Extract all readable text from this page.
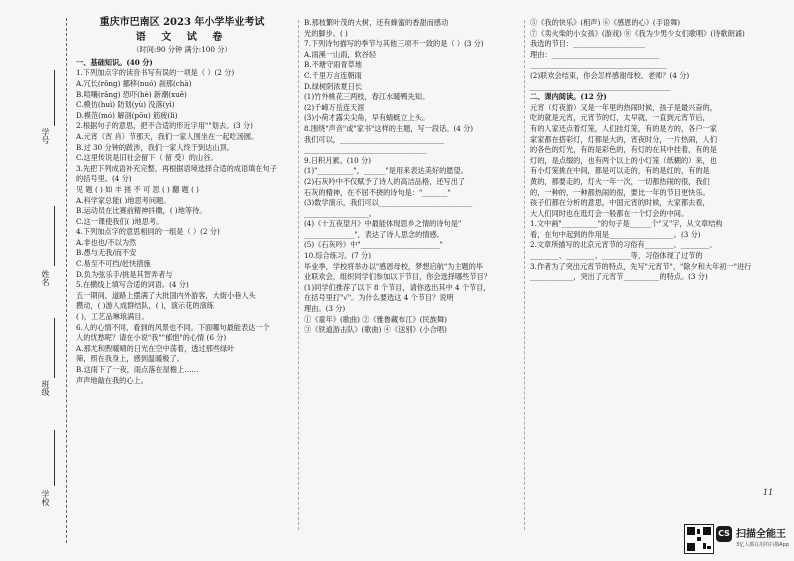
学号
姓名
班级
学校

重庆市巴南区 2023 年小学毕业考试

语 文 试 卷

（时间:90 分钟 满分:100 分）

一、基础知识。(40 分)

1.下列加点字的读音书写有误的一项是（ ）(2 分)

A.冗长(rǒng) 挪移(nuó) 刹那(chà)

B.喧嚷(rǎng) 恐吓(hè) 新潮(xuē)

C.模仿(huì) 防划(yù) 没落(yì)

D.模范(mó) 解剖(pōu) 筋疲(lì)

2.根据句子的意思，把不合适的形近字用""划去。(3 分)

A.元宵（宵 肖）节那天，我们一家人围坐在一起吃汤圆。

B.过 30 分钟的跋涉，我们一家人终于到达山顶。

C.这里传说是旧社会留下（ 留 受）的山谷。

3.先把下列成语补充完整，再根据语境选择合适的成语填在句子

的括号里。(4 分)

见 题 ( ) 如 丰 搓 不 可 思 ( ) 翻 题 ( )

A.科学家总能( )地思考问题。

B.运动员在比赛前精神抖擞，( )地等待。

C.这一课使我们( )地思考。

4.下列加点字的意思相同的一组是（ ）(2 分)

A.非也也/不以为然

B.愚与无我/而不安

C.易至不可挡/赶快措施

D.负为弦乐手/挑是其智弄者与

5.在横线上填写合适的词语。(4 分)

五一期间，道路上摆满了大批国内外游客，大街小巷人头

攒动，( )游人成群结队，( )，演示花的演练

( )，工艺品琳琅满目。

6.人的心情不同，看到的风景也不同。下面哪句最能表达一个

人的忧愁呢？请在小说"我""郁悒"的心情 (6 分)

A.那尤和煦暖晴的日光在空中荡着，透过那些绿叶

筛，照在我身上，感到温暖极了。

B.这雨下了一夜，雨点落在屋檐上……

声声地敲在我的心上。

B.那枝繁叶茂的大树，还有蜂蜜的香甜而感动

光的脚步。( )

7.下列诗句描写的季节与其他三项不一致的是（ ）(3 分)

A.雨溪一山雨，软谷轻

B.不塘守雨青草地

C.千里万言连朝雨

D.绿树阴浓夏日长

(1)竹外桃花三两枝，春江水暖鸭先知。

(2)千嶂万岳连天涯

(3)小荷才露尖尖角，早有蜻蜓立上头。

8.围绕"声音"或"家书"这样的主题，写一段话。(4 分)

我们可以，_____________________________

__________________________________

9.日积月累。(10 分)

(1)"__________"，______"是用来表达美好的愿望。

(2)石灰吟中不仅赋予了诗人的高洁品格，还写出了

石灰的精神，在不屈不挠的诗句是："_______"

(3)数学演示，我们可以__________________________

__________________。

(4)《十五夜望月》中最能体现思乡之情的诗句是"

______________"，表达了诗人思念的情感。

(5)《石灰吟》中"______________________"

10.综合练习。(7 分)

毕业季，学校将举办以"感恩母校，梦想启航"为主题的毕

业联欢会，组织同学们参加以下节目，你会选择哪些节目？

(1)同学们推荐了以下 8 个节目，请你选出其中 4 个节目，

在括号里打"√"。为什么要选这 4 个节目？说明

理由。(3 分)

①《童年》(歌曲) ②《雅鲁藏布江》(民族舞)

③《铁道游击队》(歌曲) ④《送别》(小合唱)

⑤《我的快乐》(相声) ⑥《感恩的心》(手语舞)

⑦《卖火柴的小女孩》(游戏) ⑧《我为少男少女们歌唱》(诗歌朗诵)

我选的节目：____________________

理由：______________________________

______________________________________

(2)联欢会结束，你会怎样感谢母校、老师？(4 分)

_______________________________________

二、课内阅读。(12 分)

元宵（灯夜游）又是一年里的热闹时候，孩子是最兴奋的，

吃的就是元宵，元宵节的灯，太早就，一直到元宵节后，

有的人家还点着灯笼，人们挂灯笼，有的是方的，各户一家

家家都在搭彩灯，灯都是大的，宵夜时分，一片热闹，人们

的各色的灯光，有的是彩色的，有灯的在其中挂着，有的是

灯的，是点缀的，也有两个以上的小灯笼（纸糊的）来，也

有小灯笼挑在中间，都是可以走的，有的是红的，有的是

黄的，都要走的，灯火一年一次，一切都热闹的很，我们

的，一种的，一种都热闹的很，要比一年的节目更快乐。

孩子们都在分析的意思，中国元宵的时候，大家都去看，

大人们同时也在逛灯会一般都在一个灯会的中间。

1.文中画"__________"的句子是______个"又"字，从文章结构

看，在句中起到的作用是__________________。(3 分)

2.文章所描写的北京元宵节的习俗有________、________、

________、________、________等，习俗体现了过节的

3.作者为了突出元宵节的特点，先写"元宵节"，"除夕和大年初一"进行

____________，突出了元宵节__________的特点。(3 分)

11
CS 扫描全能王
3亿人都在用的扫描App
